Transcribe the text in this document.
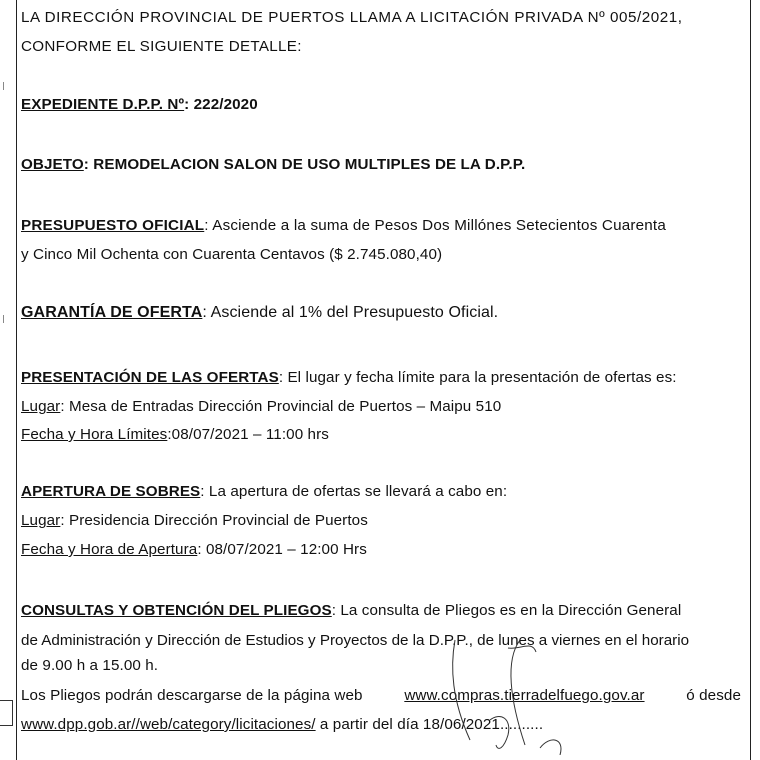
LA DIRECCIÓN PROVINCIAL DE PUERTOS LLAMA A LICITACIÓN PRIVADA Nº 005/2021,
CONFORME EL SIGUIENTE DETALLE:
EXPEDIENTE D.P.P. Nº: 222/2020
OBJETO: REMODELACION SALON DE USO MULTIPLES DE LA D.P.P.
PRESUPUESTO OFICIAL: Asciende a la suma de Pesos Dos Millónes Setecientos Cuarenta
y Cinco Mil Ochenta con Cuarenta Centavos ($ 2.745.080,40)
GARANTÍA DE OFERTA: Asciende al 1% del Presupuesto Oficial.
PRESENTACIÓN DE LAS OFERTAS: El lugar y fecha límite para la presentación de ofertas es:
Lugar: Mesa de Entradas Dirección Provincial de Puertos – Maipu 510
Fecha y Hora Límites:08/07/2021 – 11:00 hrs
APERTURA DE SOBRES: La apertura de ofertas se llevará a cabo en:
Lugar: Presidencia Dirección Provincial de Puertos
Fecha y Hora de Apertura: 08/07/2021 – 12:00 Hrs
CONSULTAS Y OBTENCIÓN DEL PLIEGOS: La consulta de Pliegos es en la Dirección General
de Administración y Dirección de Estudios y Proyectos de la D.P.P., de lunes a viernes en el horario
de 9.00 h a 15.00 h.
Los Pliegos podrán descargarse de la página web	www.compras.tierradelfuego.gov.ar	ó desde
www.dpp.gob.ar//web/category/licitaciones/ a partir del día 18/06/2021..........
